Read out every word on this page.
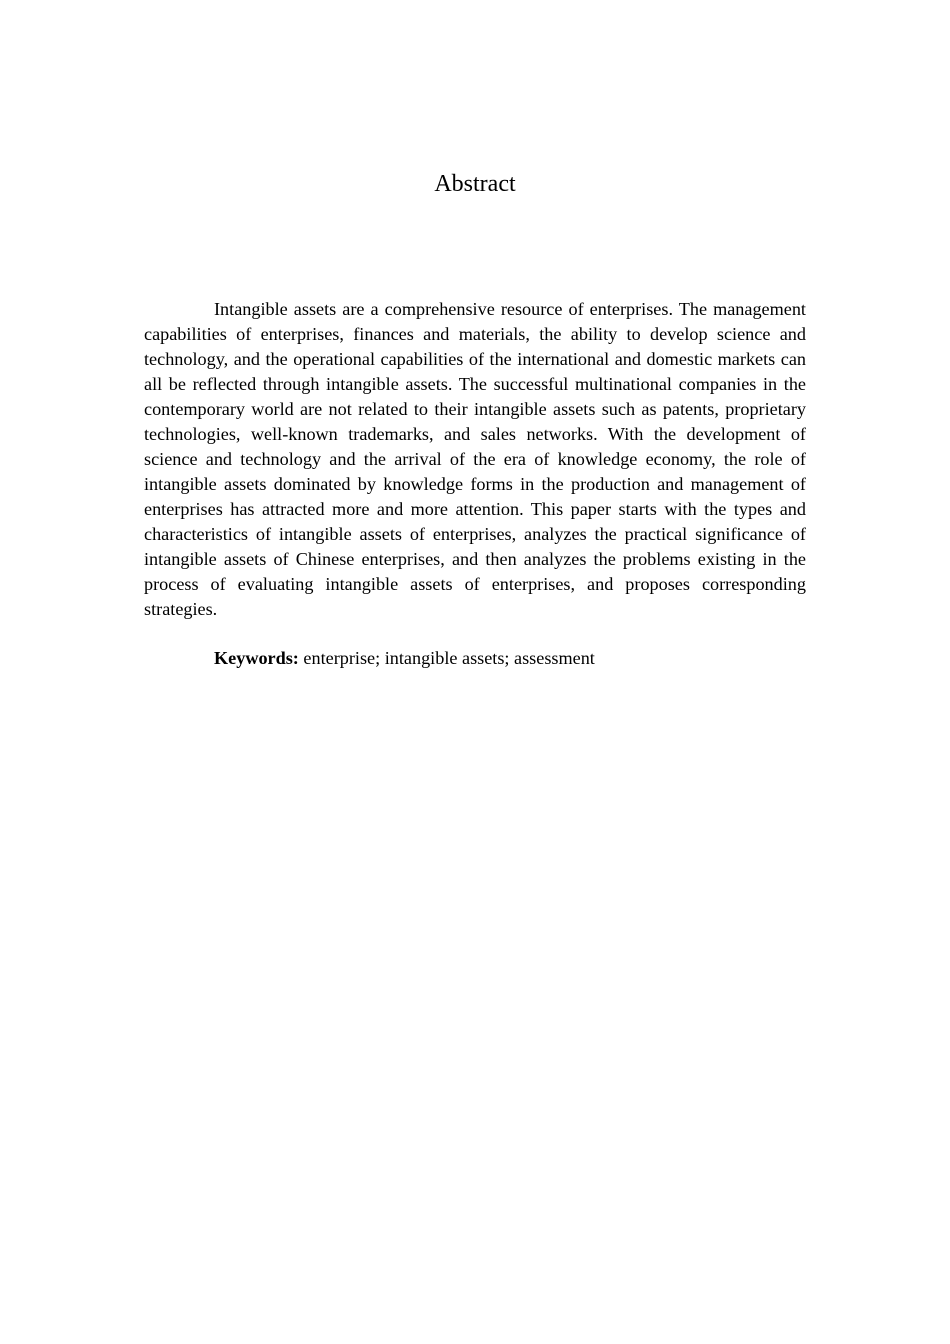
Abstract

Intangible assets are a comprehensive resource of enterprises. The management capabilities of enterprises, finances and materials, the ability to develop science and technology, and the operational capabilities of the international and domestic markets can all be reflected through intangible assets. The successful multinational companies in the contemporary world are not related to their intangible assets such as patents, proprietary technologies, well-known trademarks, and sales networks. With the development of science and technology and the arrival of the era of knowledge economy, the role of intangible assets dominated by knowledge forms in the production and management of enterprises has attracted more and more attention. This paper starts with the types and characteristics of intangible assets of enterprises, analyzes the practical significance of intangible assets of Chinese enterprises, and then analyzes the problems existing in the process of evaluating intangible assets of enterprises, and proposes corresponding strategies.

Keywords: enterprise; intangible assets; assessment
